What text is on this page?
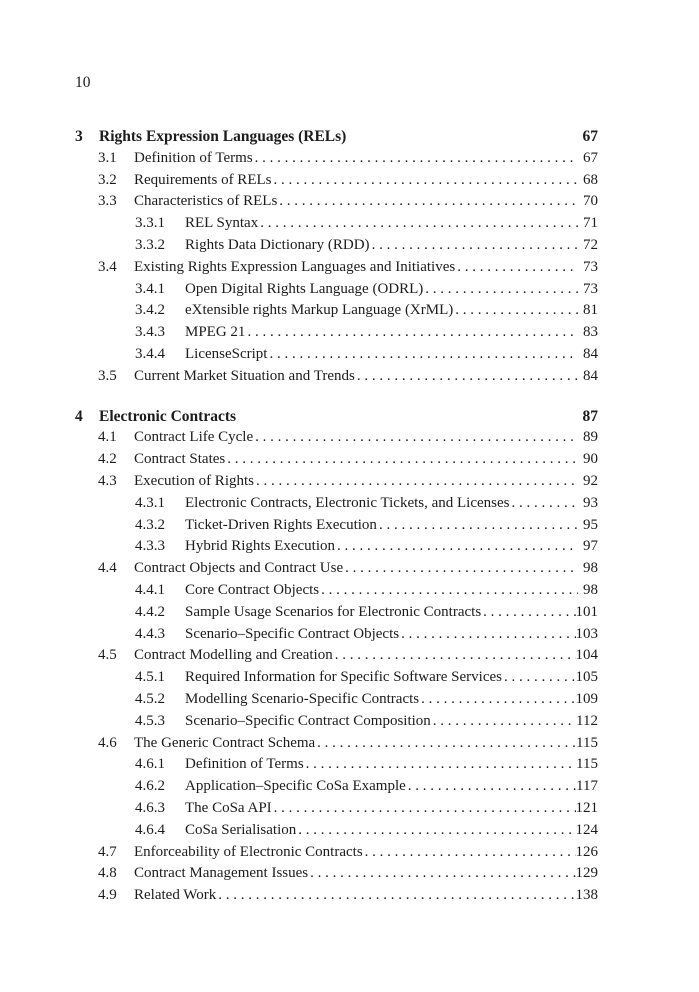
10
3	Rights Expression Languages (RELs)	67
3.1	Definition of Terms . . .	67
3.2	Requirements of RELs . . .	68
3.3	Characteristics of RELs . . .	70
3.3.1	REL Syntax . . .	71
3.3.2	Rights Data Dictionary (RDD) . . .	72
3.4	Existing Rights Expression Languages and Initiatives . . .	73
3.4.1	Open Digital Rights Language (ODRL) . . .	73
3.4.2	eXtensible rights Markup Language (XrML) . . .	81
3.4.3	MPEG 21 . . .	83
3.4.4	LicenseScript . . .	84
3.5	Current Market Situation and Trends . . .	84
4	Electronic Contracts	87
4.1	Contract Life Cycle . . .	89
4.2	Contract States . . .	90
4.3	Execution of Rights . . .	92
4.3.1	Electronic Contracts, Electronic Tickets, and Licenses . . .	93
4.3.2	Ticket-Driven Rights Execution . . .	95
4.3.3	Hybrid Rights Execution . . .	97
4.4	Contract Objects and Contract Use . . .	98
4.4.1	Core Contract Objects . . .	98
4.4.2	Sample Usage Scenarios for Electronic Contracts . . .	101
4.4.3	Scenario–Specific Contract Objects . . .	103
4.5	Contract Modelling and Creation . . .	104
4.5.1	Required Information for Specific Software Services . . .	105
4.5.2	Modelling Scenario-Specific Contracts . . .	109
4.5.3	Scenario–Specific Contract Composition . . .	112
4.6	The Generic Contract Schema . . .	115
4.6.1	Definition of Terms . . .	115
4.6.2	Application–Specific CoSa Example . . .	117
4.6.3	The CoSa API . . .	121
4.6.4	CoSa Serialisation . . .	124
4.7	Enforceability of Electronic Contracts . . .	126
4.8	Contract Management Issues . . .	129
4.9	Related Work . . .	138
